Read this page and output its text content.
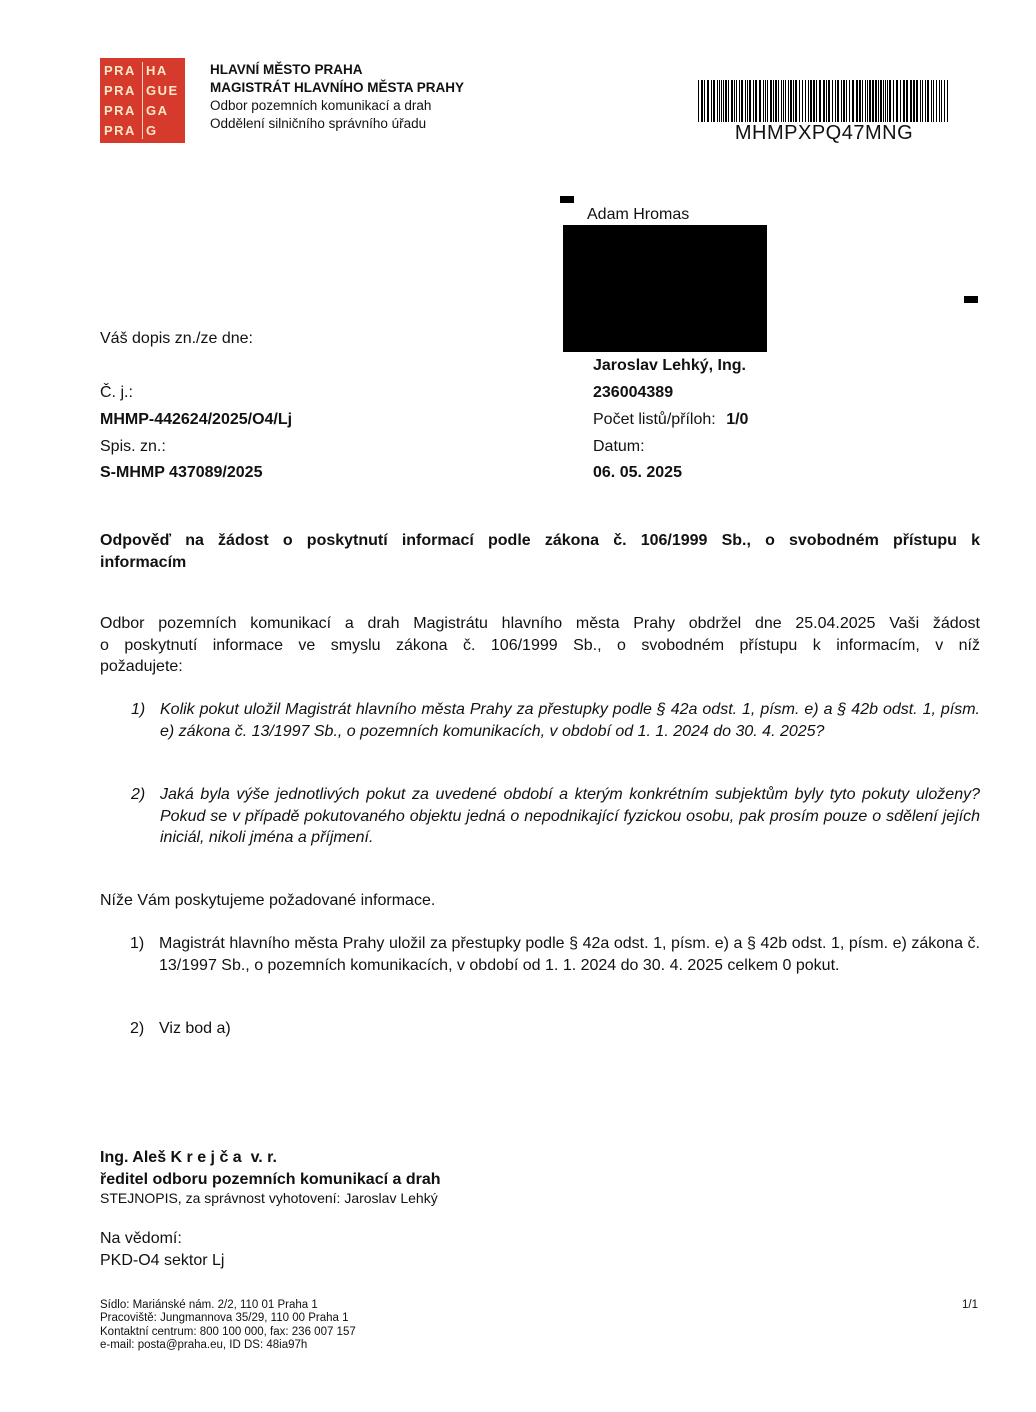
PRA HA
PRA GUE
PRA GA
PRA G
HLAVNÍ MĚSTO PRAHA
MAGISTRÁT HLAVNÍHO MĚSTA PRAHY
Odbor pozemních komunikací a drah
Oddělení silničního správního úřadu	MHMPXPQ47MNG
Adam Hromas
Váš dopis zn./ze dne:
Č. j.:
MHMP-442624/2025/O4/Lj
Spis. zn.:
S-MHMP 437089/2025
Jaroslav Lehký, Ing.
236004389
Počet listů/příloh: 1/0
Datum:
06. 05. 2025
Odpověď na žádost o poskytnutí informací podle zákona č. 106/1999 Sb., o svobodném přístupu k
informacím
Odbor pozemních komunikací a drah Magistrátu hlavního města Prahy obdržel dne 25.04.2025 Vaši žádost
o poskytnutí informace ve smyslu zákona č. 106/1999 Sb., o svobodném přístupu k informacím, v níž
požadujete:
1) Kolik pokut uložil Magistrát hlavního města Prahy za přestupky podle § 42a odst. 1, písm. e) a § 42b odst. 1, písm. e) zákona č. 13/1997 Sb., o pozemních komunikacích, v období od 1. 1. 2024 do 30. 4. 2025?
2) Jaká byla výše jednotlivých pokut za uvedené období a kterým konkrétním subjektům byly tyto pokuty uloženy? Pokud se v případě pokutovaného objektu jedná o nepodnikající fyzickou osobu, pak prosím pouze o sdělení jejích iniciál, nikoli jména a příjmení.
Níže Vám poskytujeme požadované informace.
1) Magistrát hlavního města Prahy uložil za přestupky podle § 42a odst. 1, písm. e) a § 42b odst. 1, písm. e) zákona č. 13/1997 Sb., o pozemních komunikacích, v období od 1. 1. 2024 do 30. 4. 2025 celkem 0 pokut.
2) Viz bod a)
Ing. Aleš K r e j č a  v. r.
ředitel odboru pozemních komunikací a drah
STEJNOPIS, za správnost vyhotovení: Jaroslav Lehký
Na vědomí:
PKD-O4 sektor Lj
Sídlo: Mariánské nám. 2/2, 110 01 Praha 1
Pracoviště: Jungmannova 35/29, 110 00 Praha 1
Kontaktní centrum: 800 100 000, fax: 236 007 157
e-mail: posta@praha.eu, ID DS: 48ia97h
1/1
